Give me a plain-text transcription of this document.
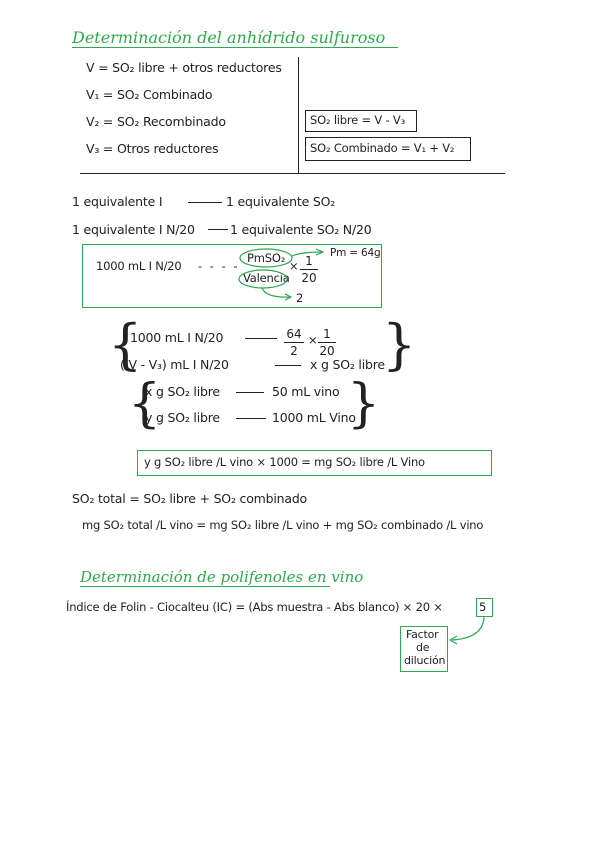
Determinación del anhídrido sulfuroso
V = SO₂ libre + otros reductores
V₁ = SO₂ Combinado
V₂ = SO₂ Recombinado
V₃ = Otros reductores
SO₂ libre = V - V₃
SO₂ Combinado = V₁ + V₂
1 equivalente I	1 equivalente SO₂
1 equivalente I N/20	1 equivalente SO₂ N/20
1000 mL I N/20 - - - -
PmSO₂
Valencia
× 1
20
Pm = 64g
2
{	}
1000 mL I N/20	64
2
× 1
20
( V - V₃) mL I N/20	x g SO₂ libre
{	}
x g SO₂ libre	50 mL vino
y g SO₂ libre	1000 mL Vino
y g SO₂ libre /L vino × 1000 = mg SO₂ libre /L Vino
SO₂ total = SO₂ libre + SO₂ combinado
mg SO₂ total /L vino = mg SO₂ libre /L vino + mg SO₂ combinado /L vino
Determinación de polifenoles en vino
Índice de Folin - Ciocalteu (IC) = (Abs muestra - Abs blanco) × 20 ×	5
Factor
de
dilución
